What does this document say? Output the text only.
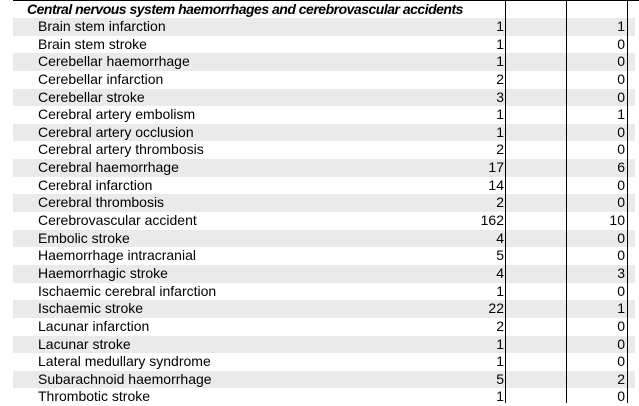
Central nervous system haemorrhages and cerebrovascular accidents
Brain stem infarction	1	1
Brain stem stroke	1	0
Cerebellar haemorrhage	1	0
Cerebellar infarction	2	0
Cerebellar stroke	3	0
Cerebral artery embolism	1	1
Cerebral artery occlusion	1	0
Cerebral artery thrombosis	2	0
Cerebral haemorrhage	17	6
Cerebral infarction	14	0
Cerebral thrombosis	2	0
Cerebrovascular accident	162	10
Embolic stroke	4	0
Haemorrhage intracranial	5	0
Haemorrhagic stroke	4	3
Ischaemic cerebral infarction	1	0
Ischaemic stroke	22	1
Lacunar infarction	2	0
Lacunar stroke	1	0
Lateral medullary syndrome	1	0
Subarachnoid haemorrhage	5	2
Thrombotic stroke	1	0
